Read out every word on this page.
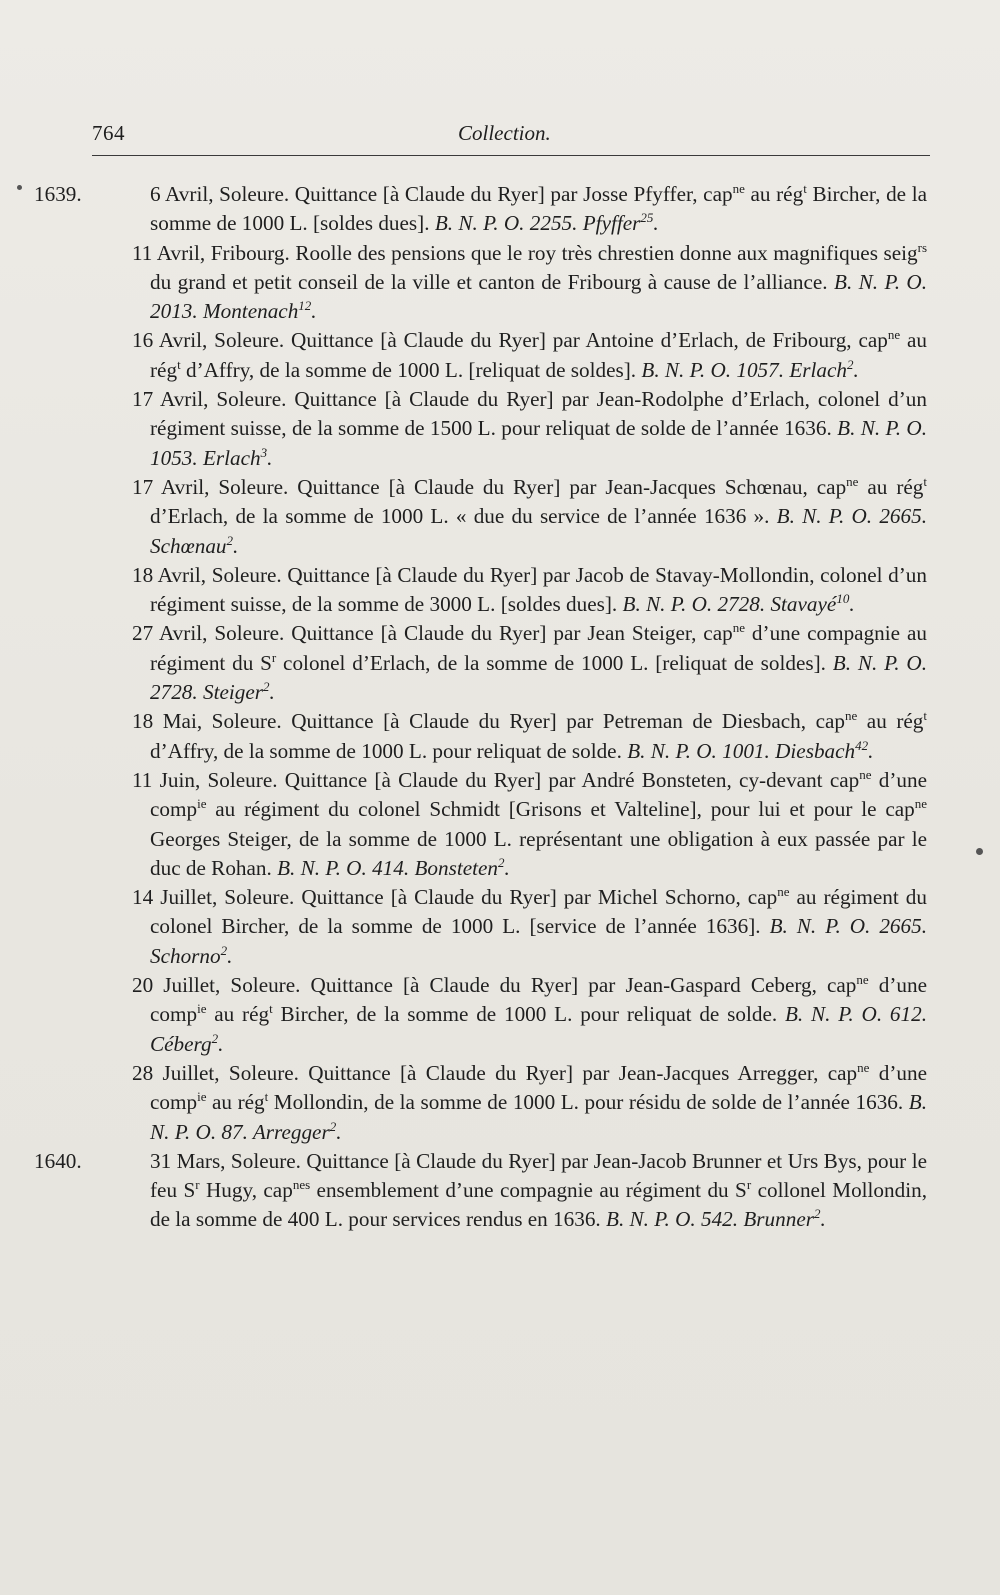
764	Collection.
1639.	6 Avril, Soleure. Quittance [à Claude du Ryer] par Josse Pfyffer, cap$^{ne}$ au rég$^t$ Bircher, de la somme de 1000 L. [soldes dues]. B. N. P. O. 2255. Pfyffer$^{25}$.
11 Avril, Fribourg. Roolle des pensions que le roy très chrestien donne aux magnifiques seig$^{rs}$ du grand et petit conseil de la ville et canton de Fribourg à cause de l’alliance. B. N. P. O. 2013. Montenach$^{12}$.
16 Avril, Soleure. Quittance [à Claude du Ryer] par Antoine d’Erlach, de Fribourg, cap$^{ne}$ au rég$^t$ d’Affry, de la somme de 1000 L. [reliquat de soldes]. B. N. P. O. 1057. Erlach$^2$.
17 Avril, Soleure. Quittance [à Claude du Ryer] par Jean-Rodolphe d’Erlach, colonel d’un régiment suisse, de la somme de 1500 L. pour reliquat de solde de l’année 1636. B. N. P. O. 1053. Erlach$^3$.
17 Avril, Soleure. Quittance [à Claude du Ryer] par Jean-Jacques Schœnau, cap$^{ne}$ au rég$^t$ d’Erlach, de la somme de 1000 L. « due du service de l’année 1636 ». B. N. P. O. 2665. Schœnau$^2$.
18 Avril, Soleure. Quittance [à Claude du Ryer] par Jacob de Stavay-Mollondin, colonel d’un régiment suisse, de la somme de 3000 L. [soldes dues]. B. N. P. O. 2728. Stavayé$^{10}$.
27 Avril, Soleure. Quittance [à Claude du Ryer] par Jean Steiger, cap$^{ne}$ d’une compagnie au régiment du $S^r$ colonel d’Erlach, de la somme de 1000 L. [reliquat de soldes]. B. N. P. O. 2728. Steiger$^2$.
18 Mai, Soleure. Quittance [à Claude du Ryer] par Petreman de Diesbach, cap$^{ne}$ au rég$^t$ d’Affry, de la somme de 1000 L. pour reliquat de solde. B. N. P. O. 1001. Diesbach$^{42}$.
11 Juin, Soleure. Quittance [à Claude du Ryer] par André Bonsteten, cy-devant cap$^{ne}$ d’une comp$^{ie}$ au régiment du colonel Schmidt [Grisons et Valteline], pour lui et pour le cap$^{ne}$ Georges Steiger, de la somme de 1000 L. représentant une obligation à eux passée par le duc de Rohan. B. N. P. O. 414. Bonsteten$^2$.
14 Juillet, Soleure. Quittance [à Claude du Ryer] par Michel Schorno, cap$^{ne}$ au régiment du colonel Bircher, de la somme de 1000 L. [service de l’année 1636]. B. N. P. O. 2665. Schorno$^2$.
20 Juillet, Soleure. Quittance [à Claude du Ryer] par Jean-Gaspard Ceberg, cap$^{ne}$ d’une comp$^{ie}$ au rég$^t$ Bircher, de la somme de 1000 L. pour reliquat de solde. B. N. P. O. 612. Céberg$^2$.
28 Juillet, Soleure. Quittance [à Claude du Ryer] par Jean-Jacques Arregger, cap$^{ne}$ d’une comp$^{ie}$ au rég$^t$ Mollondin, de la somme de 1000 L. pour résidu de solde de l’année 1636. B. N. P. O. 87. Arregger$^2$.
1640.	31 Mars, Soleure. Quittance [à Claude du Ryer] par Jean-Jacob Brunner et Urs Bys, pour le feu $S^r$ Hugy, cap$^{nes}$ ensemblement d’une compagnie au régiment du $S^r$ collonel Mollondin, de la somme de 400 L. pour services rendus en 1636. B. N. P. O. 542. Brunner$^2$.
